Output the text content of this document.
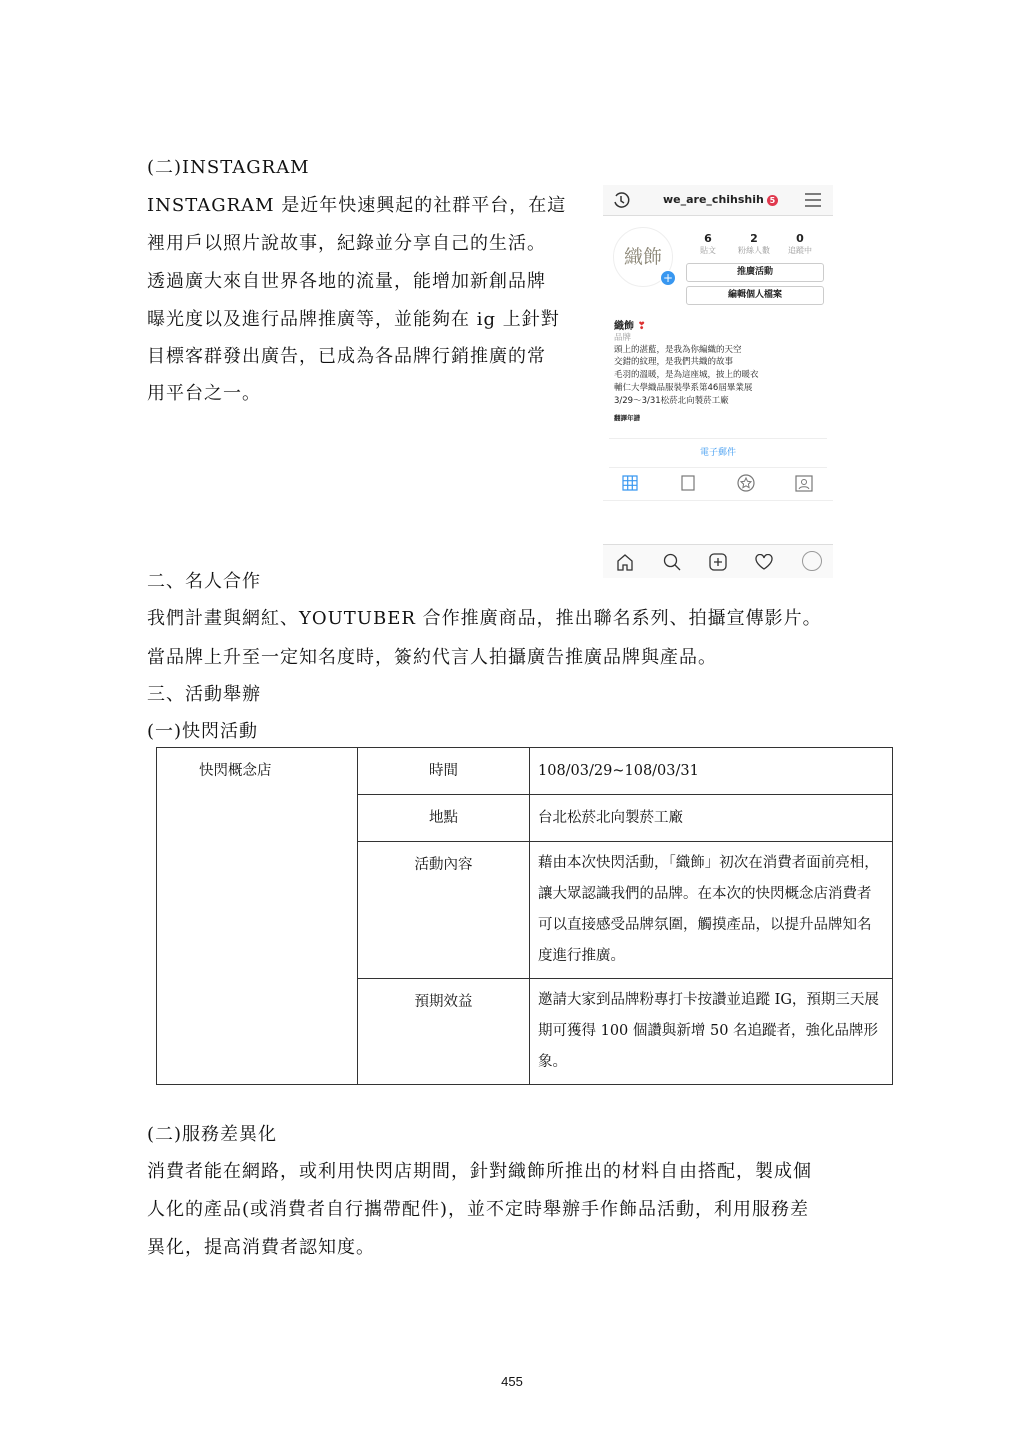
(二)INSTAGRAM
INSTAGRAM 是近年快速興起的社群平台，在這
裡用戶以照片說故事，紀錄並分享自己的生活。
透過廣大來自世界各地的流量，能增加新創品牌
曝光度以及進行品牌推廣等，並能夠在 ig 上針對
目標客群發出廣告，已成為各品牌行銷推廣的常
用平台之一。
we_are_chihshih 5
織飾
+
6
貼文
2
粉絲人數
0
追蹤中
推廣活動
編輯個人檔案
織飾 ❣
品牌
頭上的湛藍，是我為你編織的天空
交錯的紋理，是我們共織的故事
毛羽的溫暖，是為這座城，披上的暖衣
輔仁大學織品服裝學系第46屆畢業展
3/29～3/31松菸北向製菸工廠
翻譯年譜
電子郵件
二、名人合作
我們計畫與網紅、YOUTUBER 合作推廣商品，推出聯名系列、拍攝宣傳影片。
當品牌上升至一定知名度時，簽約代言人拍攝廣告推廣品牌與產品。
三、活動舉辦
(一)快閃活動
快閃概念店	時間	108/03/29~108/03/31
	地點	台北松菸北向製菸工廠
	活動內容	藉由本次快閃活動，「織飾」初次在消費者面前亮相，讓大眾認識我們的品牌。在本次的快閃概念店消費者可以直接感受品牌氛圍，觸摸產品，以提升品牌知名度進行推廣。
	預期效益	邀請大家到品牌粉專打卡按讚並追蹤 IG，預期三天展期可獲得 100 個讚與新增 50 名追蹤者，強化品牌形象。
(二)服務差異化
消費者能在網路，或利用快閃店期間，針對織飾所推出的材料自由搭配，製成個
人化的產品(或消費者自行攜帶配件)，並不定時舉辦手作飾品活動，利用服務差
異化，提高消費者認知度。
455
